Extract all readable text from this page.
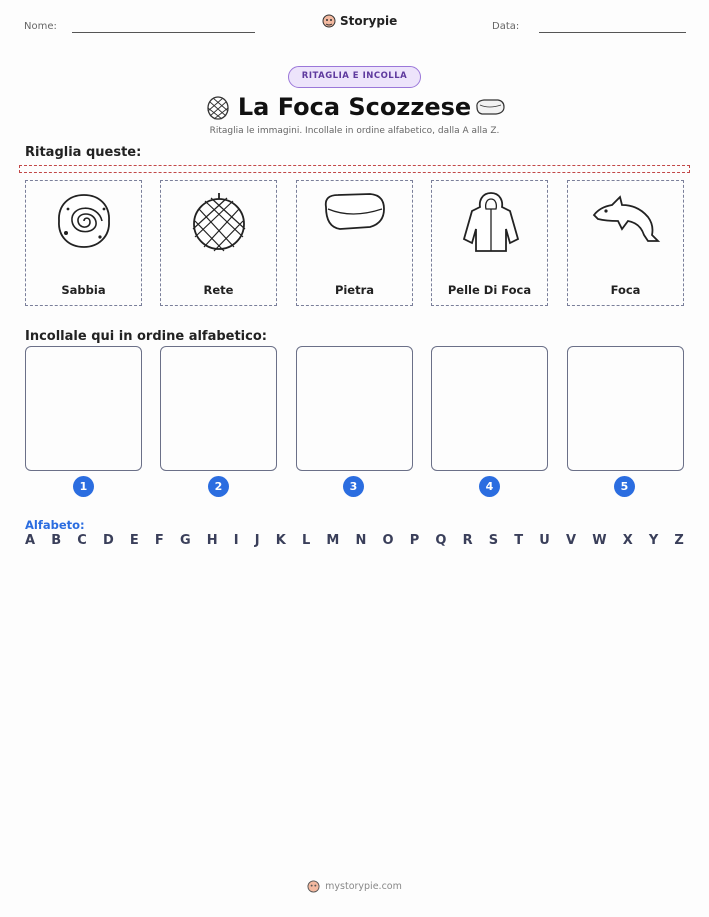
Nome:	Storypie	Data:
RITAGLIA E INCOLLA
La Foca Scozzese
Ritaglia le immagini. Incollale in ordine alfabetico, dalla A alla Z.
Ritaglia queste:
Sabbia	Rete	Pietra	Pelle Di Foca	Foca
Incollale qui in ordine alfabetico:
1	2	3	4	5
Alfabeto:
A B C D E F G H I J K L M N O P Q R S T U V W X Y Z
mystorypie.com
